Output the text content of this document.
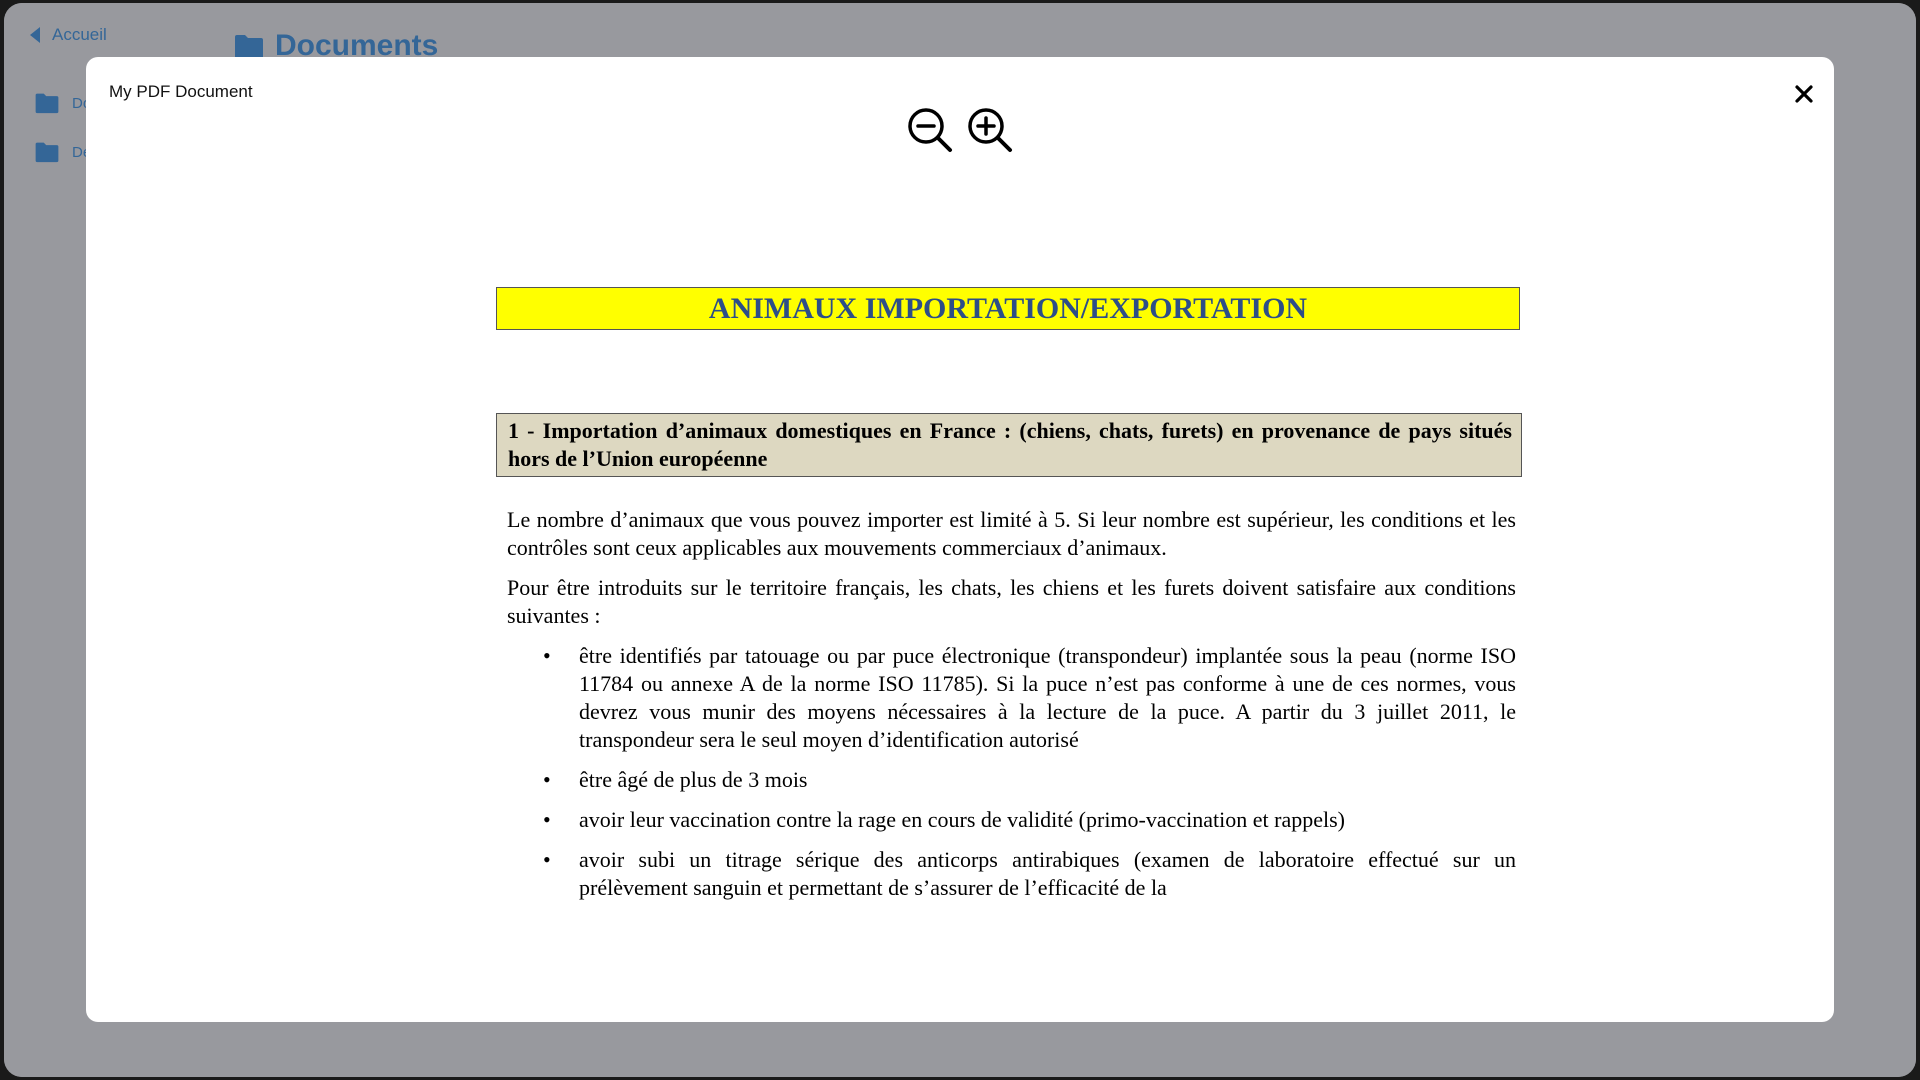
My PDF Document
ANIMAUX IMPORTATION/EXPORTATION
1 - Importation d’animaux domestiques en France : (chiens, chats, furets) en provenance de pays situés hors de l’Union européenne

Le nombre d’animaux que vous pouvez importer est limité à 5. Si leur nombre est supérieur, les conditions et les contrôles sont ceux applicables aux mouvements commerciaux d’animaux.

Pour être introduits sur le territoire français, les chats, les chiens et les furets doivent satisfaire aux conditions suivantes :

• être identifiés par tatouage ou par puce électronique (transpondeur) implantée sous la peau (norme ISO 11784 ou annexe A de la norme ISO 11785). Si la puce n’est pas conforme à une de ces normes, vous devrez vous munir des moyens nécessaires à la lecture de la puce. A partir du 3 juillet 2011, le transpondeur sera le seul moyen d’identification autorisé
• être âgé de plus de 3 mois
• avoir leur vaccination contre la rage en cours de validité (primo-vaccination et rappels)
• avoir subi un titrage sérique des anticorps antirabiques (examen de laboratoire effectué sur un prélèvement sanguin et permettant de s’assurer de l’efficacité de la
